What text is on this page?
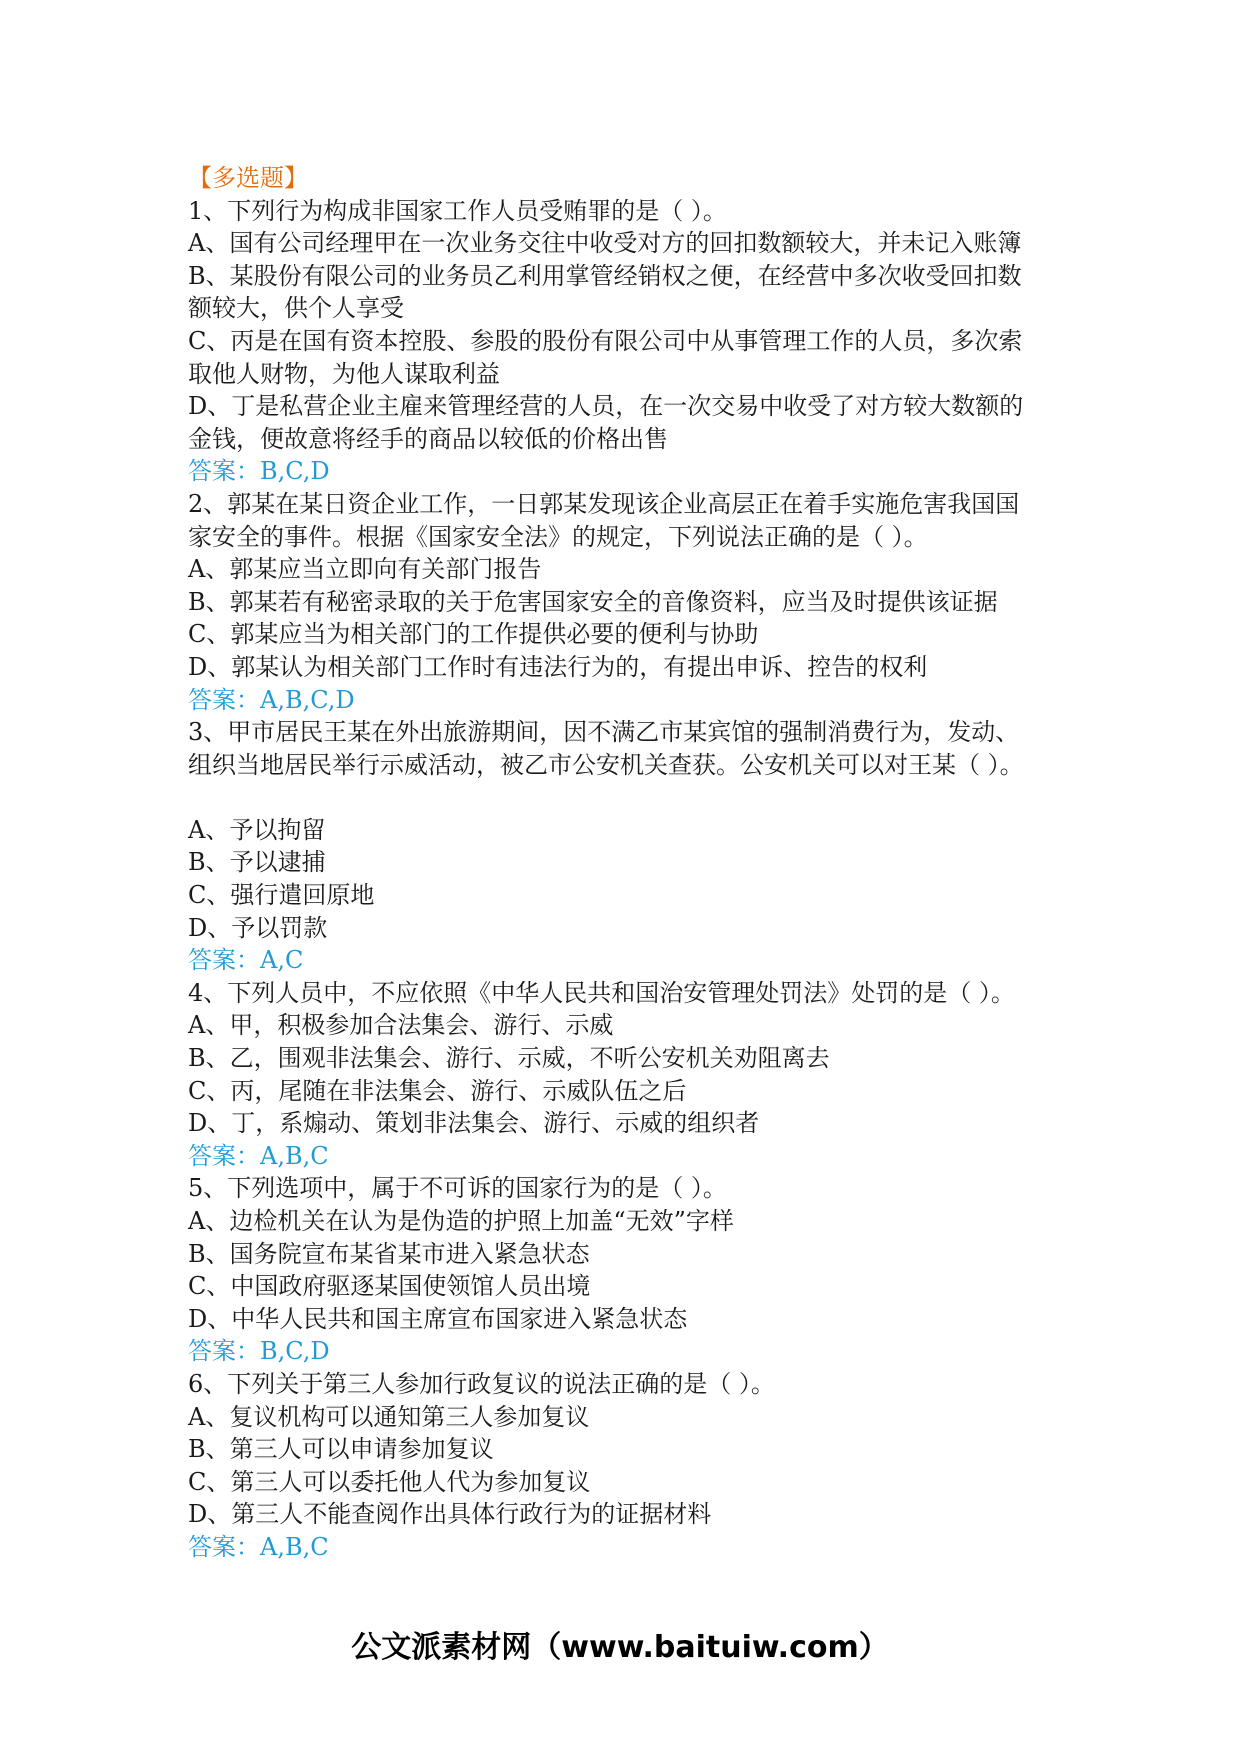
【多选题】

1、下列行为构成非国家工作人员受贿罪的是（ ）。

A、国有公司经理甲在一次业务交往中收受对方的回扣数额较大，并未记入账簿

B、某股份有限公司的业务员乙利用掌管经销权之便，在经营中多次收受回扣数

额较大，供个人享受

C、丙是在国有资本控股、参股的股份有限公司中从事管理工作的人员，多次索

取他人财物，为他人谋取利益

D、丁是私营企业主雇来管理经营的人员，在一次交易中收受了对方较大数额的

金钱，便故意将经手的商品以较低的价格出售

答案：B,C,D

2、郭某在某日资企业工作，一日郭某发现该企业高层正在着手实施危害我国国

家安全的事件。根据《国家安全法》的规定，下列说法正确的是（ ）。

A、郭某应当立即向有关部门报告

B、郭某若有秘密录取的关于危害国家安全的音像资料，应当及时提供该证据

C、郭某应当为相关部门的工作提供必要的便利与协助

D、郭某认为相关部门工作时有违法行为的，有提出申诉、控告的权利

答案：A,B,C,D

3、甲市居民王某在外出旅游期间，因不满乙市某宾馆的强制消费行为，发动、

组织当地居民举行示威活动，被乙市公安机关查获。公安机关可以对王某（ ）。

A、予以拘留

B、予以逮捕

C、强行遣回原地

D、予以罚款

答案：A,C

4、下列人员中，不应依照《中华人民共和国治安管理处罚法》处罚的是（ ）。

A、甲，积极参加合法集会、游行、示威

B、乙，围观非法集会、游行、示威，不听公安机关劝阻离去

C、丙，尾随在非法集会、游行、示威队伍之后

D、丁，系煽动、策划非法集会、游行、示威的组织者

答案：A,B,C

5、下列选项中，属于不可诉的国家行为的是（ ）。

A、边检机关在认为是伪造的护照上加盖“无效”字样

B、国务院宣布某省某市进入紧急状态

C、中国政府驱逐某国使领馆人员出境

D、中华人民共和国主席宣布国家进入紧急状态

答案：B,C,D

6、下列关于第三人参加行政复议的说法正确的是（ ）。

A、复议机构可以通知第三人参加复议

B、第三人可以申请参加复议

C、第三人可以委托他人代为参加复议

D、第三人不能查阅作出具体行政行为的证据材料

答案：A,B,C

公文派素材网（www.baituiw.com）
